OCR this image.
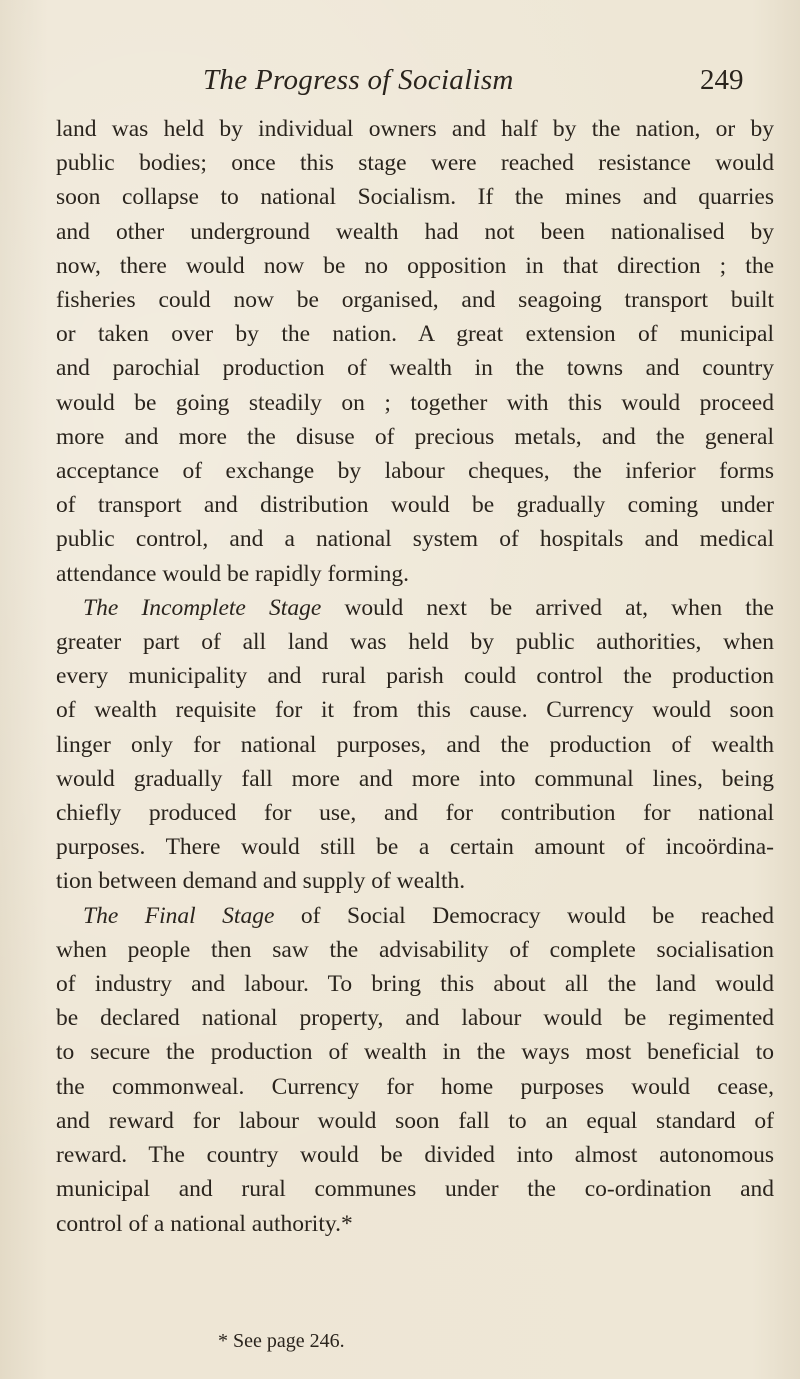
The Progress of Socialism	249
land was held by individual owners and half by the nation, or by
public bodies; once this stage were reached resistance would
soon collapse to national Socialism. If the mines and quarries
and other underground wealth had not been nationalised by
now, there would now be no opposition in that direction ; the
fisheries could now be organised, and seagoing transport built
or taken over by the nation. A great extension of municipal
and parochial production of wealth in the towns and country
would be going steadily on ; together with this would proceed
more and more the disuse of precious metals, and the general
acceptance of exchange by labour cheques, the inferior forms
of transport and distribution would be gradually coming under
public control, and a national system of hospitals and medical
attendance would be rapidly forming.
The Incomplete Stage would next be arrived at, when the
greater part of all land was held by public authorities, when
every municipality and rural parish could control the production
of wealth requisite for it from this cause. Currency would soon
linger only for national purposes, and the production of wealth
would gradually fall more and more into communal lines, being
chiefly produced for use, and for contribution for national
purposes. There would still be a certain amount of incoördina-
tion between demand and supply of wealth.
The Final Stage of Social Democracy would be reached
when people then saw the advisability of complete socialisation
of industry and labour. To bring this about all the land would
be declared national property, and labour would be regimented
to secure the production of wealth in the ways most beneficial to
the commonweal. Currency for home purposes would cease,
and reward for labour would soon fall to an equal standard of
reward. The country would be divided into almost autonomous
municipal and rural communes under the co-ordination and
control of a national authority.*
* See page 246.
